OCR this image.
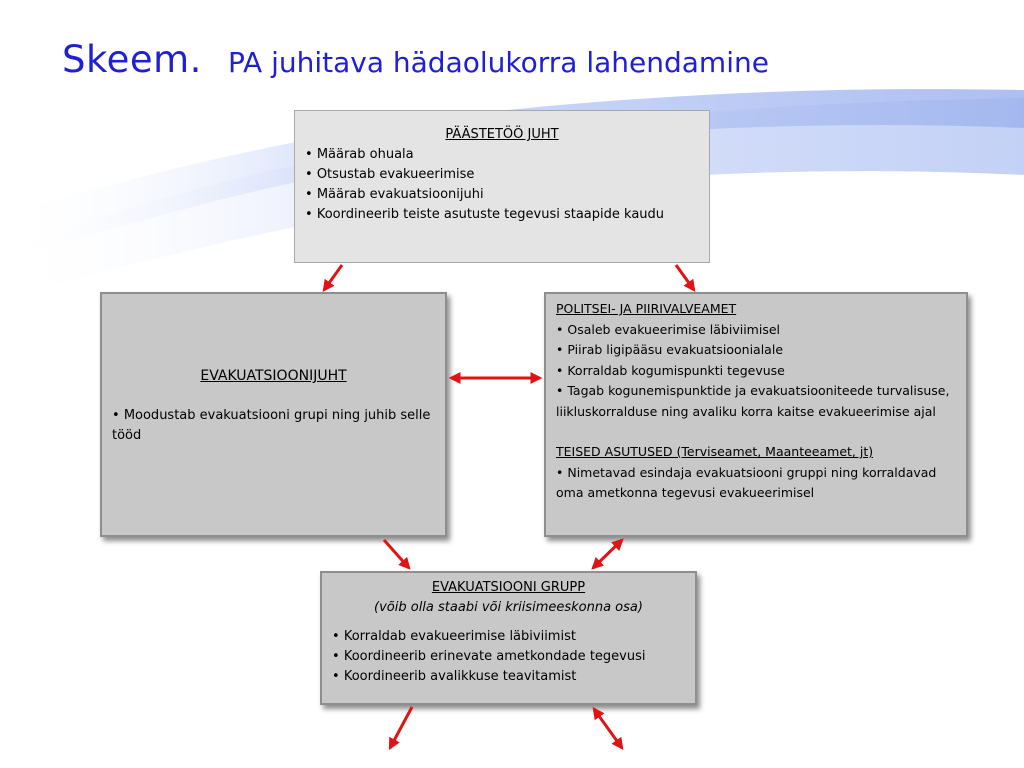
Skeem. PA juhitava hädaolukorra lahendamine
PÄÄSTETÖÖ JUHT
• Määrab ohuala
• Otsustab evakueerimise
• Määrab evakuatsioonijuhi
• Koordineerib teiste asutuste tegevusi staapide kaudu
EVAKUATSIOONIJUHT
• Moodustab evakuatsiooni grupi ning juhib selle tööd
POLITSEI- JA PIIRIVALVEAMET
• Osaleb evakueerimise läbiviimisel
• Piirab ligipääsu evakuatsioonialale
• Korraldab kogumispunkti tegevuse
• Tagab kogunemispunktide ja evakuatsiooniteede turvalisuse, liikluskorralduse ning avaliku korra kaitse evakueerimise ajal
TEISED ASUTUSED (Terviseamet, Maanteeamet, jt)
• Nimetavad esindaja evakuatsiooni gruppi ning korraldavad oma ametkonna tegevusi evakueerimisel
EVAKUATSIOONI GRUPP
(võib olla staabi või kriisimeeskonna osa)
• Korraldab evakueerimise läbiviimist
• Koordineerib erinevate ametkondade tegevusi
• Koordineerib avalikkuse teavitamist
